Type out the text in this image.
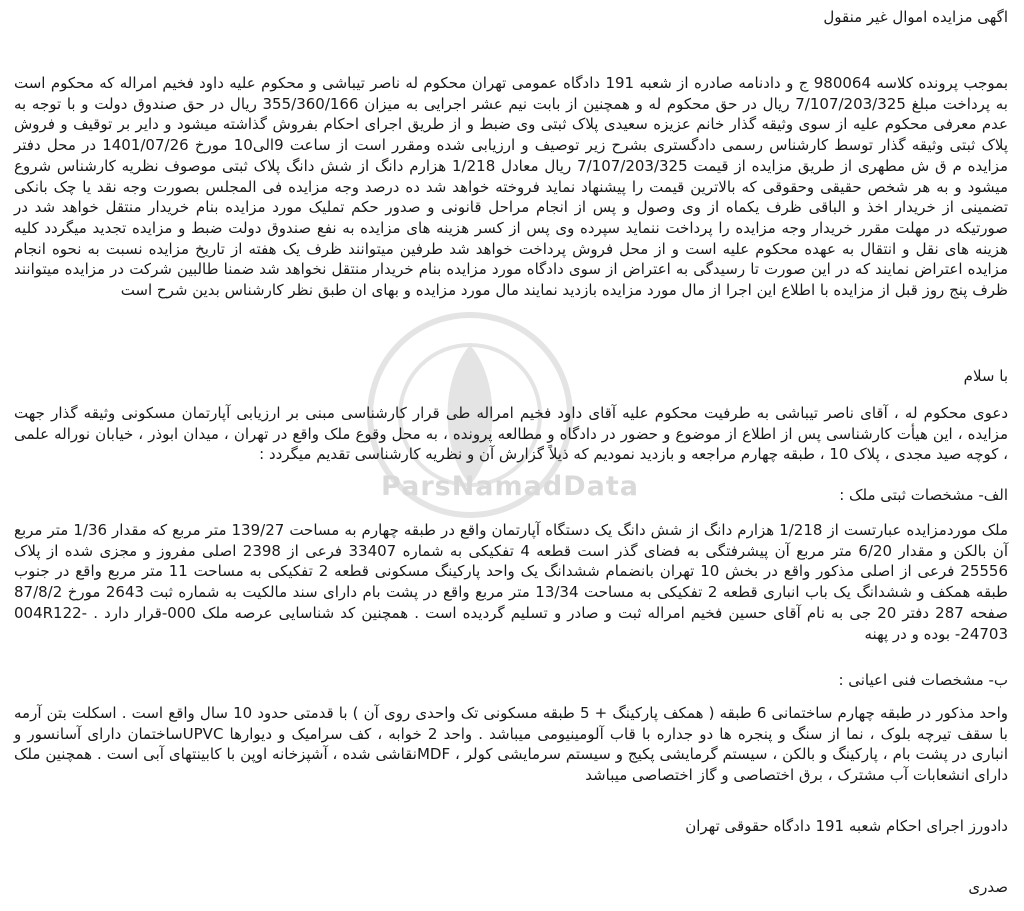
ParsNamadData
اگهی مزایده اموال غیر منقول

بموجب پرونده کلاسه 980064 ج و دادنامه صادره از شعبه 191 دادگاه عمومی تهران محکوم له ناصر تیباشی و محکوم علیه داود فخیم امراله که محکوم است به پرداخت مبلغ 7/107/203/325 ریال در حق محکوم له و همچنین از بابت نیم عشر اجرایی به میزان 355/360/166 ریال در حق صندوق دولت و با توجه به عدم معرفی محکوم علیه از سوی وثیقه گذار خانم عزیزه سعیدی پلاک ثبتی وی ضبط و از طریق اجرای احکام بفروش گذاشته میشود و دایر بر توقیف و فروش پلاک ثبتی وثیقه گذار توسط کارشناس رسمی دادگستری بشرح زیر توصیف و ارزیابی شده ومقرر است از ساعت 9الی10 مورخ 1401/07/26 در محل دفتر مزایده م ق ش مطهری از طریق مزایده از قیمت 7/107/203/325 ریال معادل 1/218 هزارم دانگ از شش دانگ پلاک ثبتی موصوف نظریه کارشناس شروع میشود و به هر شخص حقیقی وحقوقی که بالاترین قیمت را پیشنهاد نماید فروخته خواهد شد ده درصد وجه مزایده فی المجلس بصورت وجه نقد یا چک بانکی تضمینی از خریدار اخذ و الباقی ظرف یکماه از وی وصول و پس از انجام مراحل قانونی و صدور حکم تملیک مورد مزایده بنام خریدار منتقل خواهد شد در صورتیکه در مهلت مقرر خریدار وجه مزایده را پرداخت ننماید سپرده وی پس از کسر هزینه های مزایده به نفع صندوق دولت ضبط و مزایده تجدید میگردد کلیه هزینه های نقل و انتقال به عهده محکوم علیه است و از محل فروش پرداخت خواهد شد طرفین میتوانند ظرف یک هفته از تاریخ مزایده نسبت به نحوه انجام مزایده اعتراض نمایند که در این صورت تا رسیدگی به اعتراض از سوی دادگاه مورد مزایده بنام خریدار منتقل نخواهد شد ضمنا طالبین شرکت در مزایده میتوانند ظرف پنج روز قبل از مزایده با اطلاع این اجرا از مال مورد مزایده بازدید نمایند مال مورد مزایده و بهای ان طبق نظر کارشناس بدین شرح است

با سلام

دعوی محکوم له ، آقای ناصر تیباشی به طرفیت محکوم علیه آقای داود فخیم امراله طی قرار کارشناسی مبنی بر ارزیابی آپارتمان مسکونی وثیقه گذار جهت مزایده ، این هیأت کارشناسی پس از اطلاع از موضوع و حضور در دادگاه و مطالعه پرونده ، به محل وقوع ملک واقع در تهران ، میدان ابوذر ، خیابان نوراله علمی ، کوچه صید مجدی ، پلاک 10 ، طبقه چهارم مراجعه و بازدید نمودیم که ذیلاً گزارش آن و نظریه کارشناسی تقدیم میگردد :

الف- مشخصات ثبتی ملک :

ملک موردمزایده عبارتست از 1/218 هزارم دانگ از شش دانگ یک دستگاه آپارتمان واقع در طبقه چهارم به مساحت 139/27 متر مربع که مقدار 1/36 متر مربع آن بالکن و مقدار 6/20 متر مربع آن پیشرفتگی به فضای گذر است قطعه 4 تفکیکی به شماره 33407 فرعی از 2398 اصلی مفروز و مجزی شده از پلاک 25556 فرعی از اصلی مذکور واقع در بخش 10 تهران بانضمام ششدانگ یک واحد پارکینگ مسکونی قطعه 2 تفکیکی به مساحت 11 متر مربع واقع در جنوب طبقه همکف و ششدانگ یک باب انباری قطعه 2 تفکیکی به مساحت 13/34 متر مربع واقع در پشت بام دارای سند مالکیت به شماره ثبت 2643 مورخ 87/8/2 صفحه 287 دفتر 20 جی به نام آقای حسین فخیم امراله ثبت و صادر و تسلیم گردیده است . همچنین کد شناسایی عرصه ملک 000-قرار دارد . 004R122- 24703- بوده و در پهنه

ب- مشخصات فنی اعیانی :

واحد مذکور در طبقه چهارم ساختمانی 6 طبقه ( همکف پارکینگ + 5 طبقه مسکونی تک واحدی روی آن ) با قدمتی حدود 10 سال واقع است . اسکلت بتن آرمه با سقف تیرچه بلوک ، نما از سنگ و پنجره ها دو جداره با قاب آلومینیومی میباشد . واحد 2 خوابه ، کف سرامیک و دیوارها UPVCساختمان دارای آسانسور و انباری در پشت بام ، پارکینگ و بالکن ، سیستم گرمایشی پکیج و سیستم سرمایشی کولر ، MDFنقاشی شده ، آشپزخانه اوپن با کابینتهای آبی است . همچنین ملک دارای انشعابات آب مشترک ، برق اختصاصی و گاز اختصاصی میباشد

دادورز اجرای احکام شعبه 191 دادگاه حقوقی تهران

صدری
